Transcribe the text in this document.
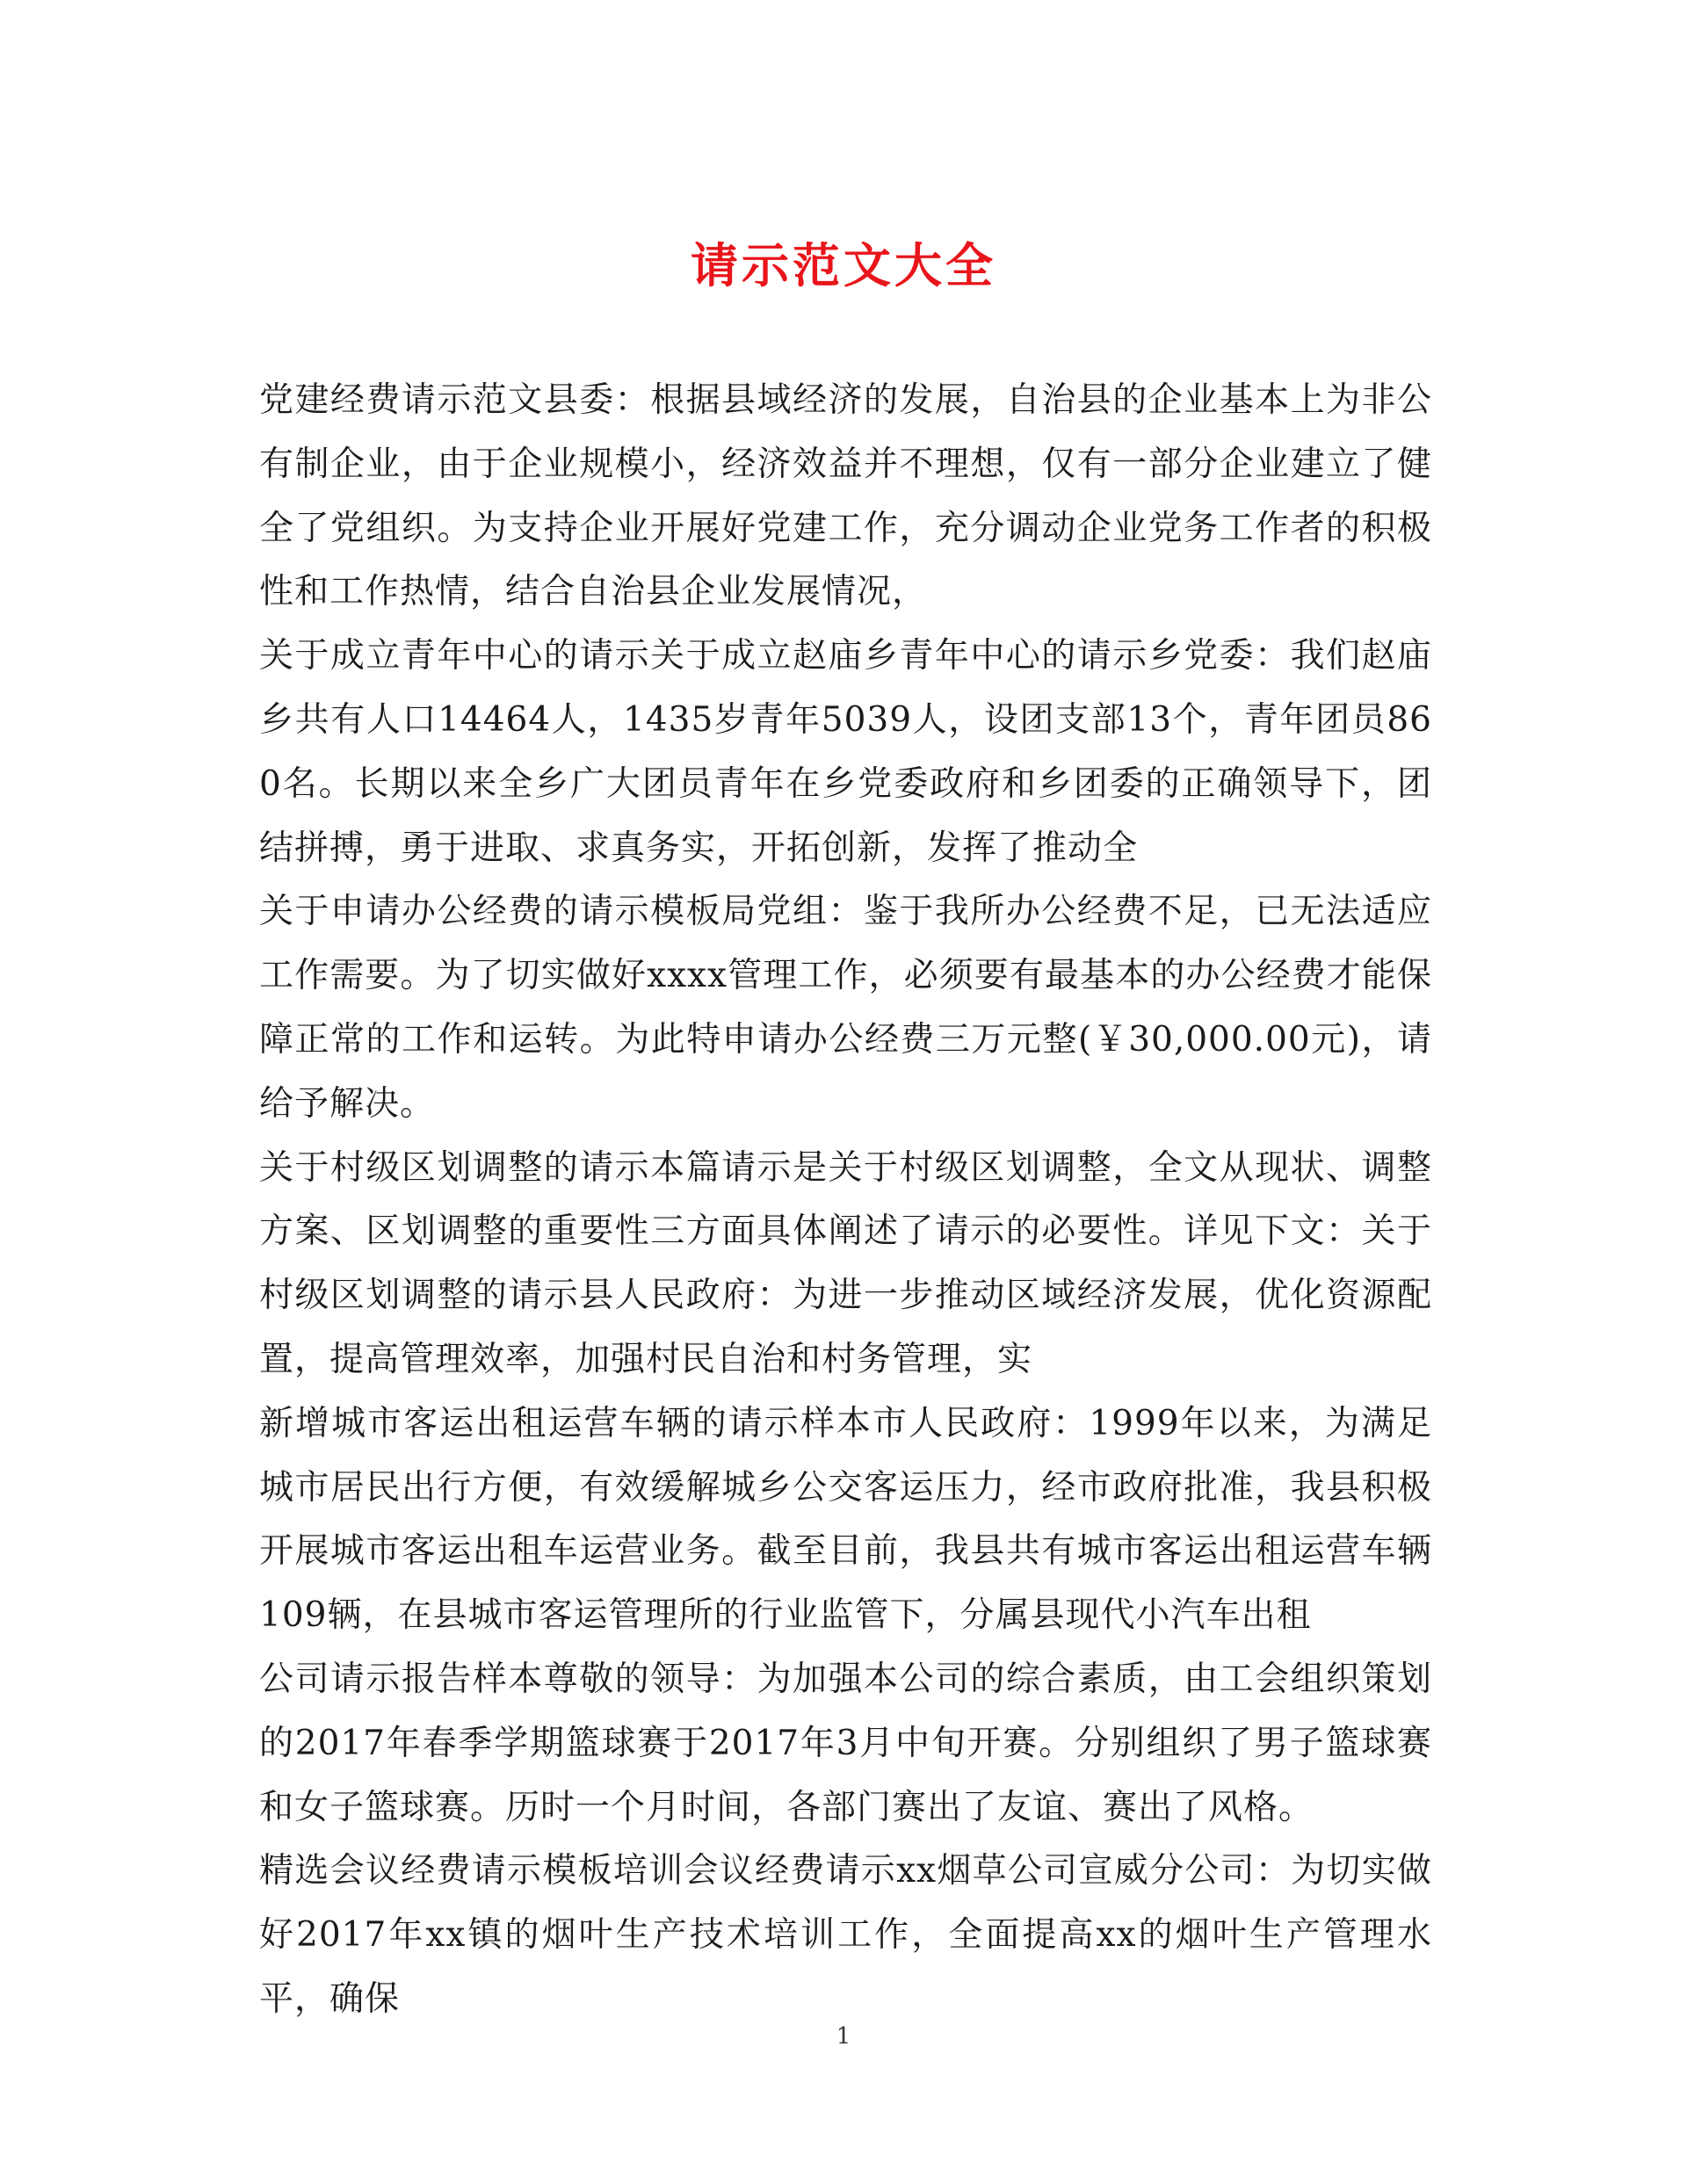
请示范文大全

党建经费请示范文县委：根据县域经济的发展，自治县的企业基本上为非公有制企业，由于企业规模小，经济效益并不理想，仅有一部分企业建立了健全了党组织。为支持企业开展好党建工作，充分调动企业党务工作者的积极性和工作热情，结合自治县企业发展情况，

关于成立青年中心的请示关于成立赵庙乡青年中心的请示乡党委：我们赵庙乡共有人口14464人，1435岁青年5039人，设团支部13个，青年团员860名。长期以来全乡广大团员青年在乡党委政府和乡团委的正确领导下，团结拼搏，勇于进取、求真务实，开拓创新，发挥了推动全

关于申请办公经费的请示模板局党组：鉴于我所办公经费不足，已无法适应工作需要。为了切实做好xxxx管理工作，必须要有最基本的办公经费才能保障正常的工作和运转。为此特申请办公经费三万元整(￥30,000.00元)，请给予解决。

关于村级区划调整的请示本篇请示是关于村级区划调整，全文从现状、调整方案、区划调整的重要性三方面具体阐述了请示的必要性。详见下文：关于村级区划调整的请示县人民政府：为进一步推动区域经济发展，优化资源配置，提高管理效率，加强村民自治和村务管理，实

新增城市客运出租运营车辆的请示样本市人民政府：1999年以来，为满足城市居民出行方便，有效缓解城乡公交客运压力，经市政府批准，我县积极开展城市客运出租车运营业务。截至目前，我县共有城市客运出租运营车辆109辆，在县城市客运管理所的行业监管下，分属县现代小汽车出租

公司请示报告样本尊敬的领导：为加强本公司的综合素质，由工会组织策划的2017年春季学期篮球赛于2017年3月中旬开赛。分别组织了男子篮球赛和女子篮球赛。历时一个月时间，各部门赛出了友谊、赛出了风格。

精选会议经费请示模板培训会议经费请示xx烟草公司宣威分公司：为切实做好2017年xx镇的烟叶生产技术培训工作，全面提高xx的烟叶生产管理水平，确保

1
